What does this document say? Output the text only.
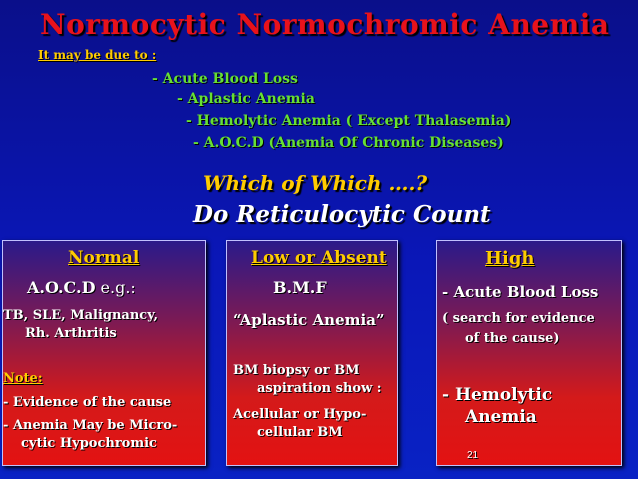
Normocytic Normochromic Anemia
It may be due to :
- Acute Blood Loss
- Aplastic Anemia
- Hemolytic Anemia ( Except Thalasemia)
- A.O.C.D (Anemia Of Chronic Diseases)
Which of Which ….?
Do Reticulocytic Count
Normal
A.O.C.D e.g.:
TB, SLE, Malignancy,
Rh. Arthritis
Note:
- Evidence of the cause
- Anemia May be Micro-
cytic Hypochromic
Low or Absent
B.M.F
“Aplastic Anemia”
BM biopsy or BM
aspiration show :
Acellular or Hypo-
cellular BM
High
- Acute Blood Loss
( search for evidence
of the cause)
- Hemolytic
Anemia
21
